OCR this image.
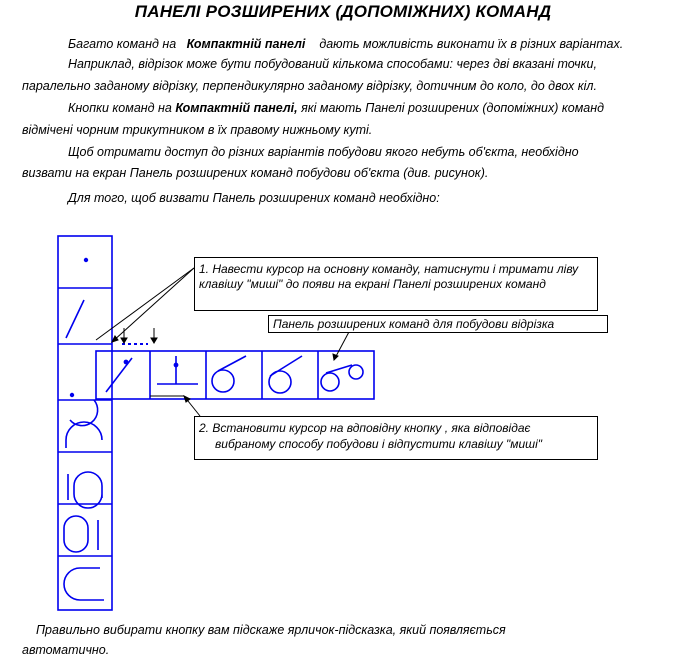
ПАНЕЛІ РОЗШИРЕНИХ (ДОПОМІЖНИХ) КОМАНД
Багато команд на Компактній панелі дають можливість виконати їх в різних варіантах.
Наприклад, відрізок може бути побудований кількома способами: через дві вказані точки,
паралельно заданому відрізку, перпендикулярно заданому відрізку, дотичним до коло, до двох кіл.
Кнопки команд на Компактній панелі, які мають Панелі розширених (допоміжних) команд
відмічені чорним трикутником в їх правому нижньому куті.
Щоб отримати доступ до різних варіантів побудови якого небуть об'єкта, необхідно
визвати на екран Панель розширених команд побудови об'єкта (див. рисунок).
Для того, щоб визвати Панель розширених команд необхідно:
1. Навести курсор на основну команду, натиснути і тримати ліву клавішу "миші" до появи на екрані Панелі розширених команд
Панель розширених команд для побудови відрізка
2. Встановити курсор на вдповідну кнопку , яка відповідає
вибраному способу побудови і відпустити клавішу "миші"
Правильно вибирати кнопку вам підскаже ярличок-підсказка, який появляється
автоматично.
